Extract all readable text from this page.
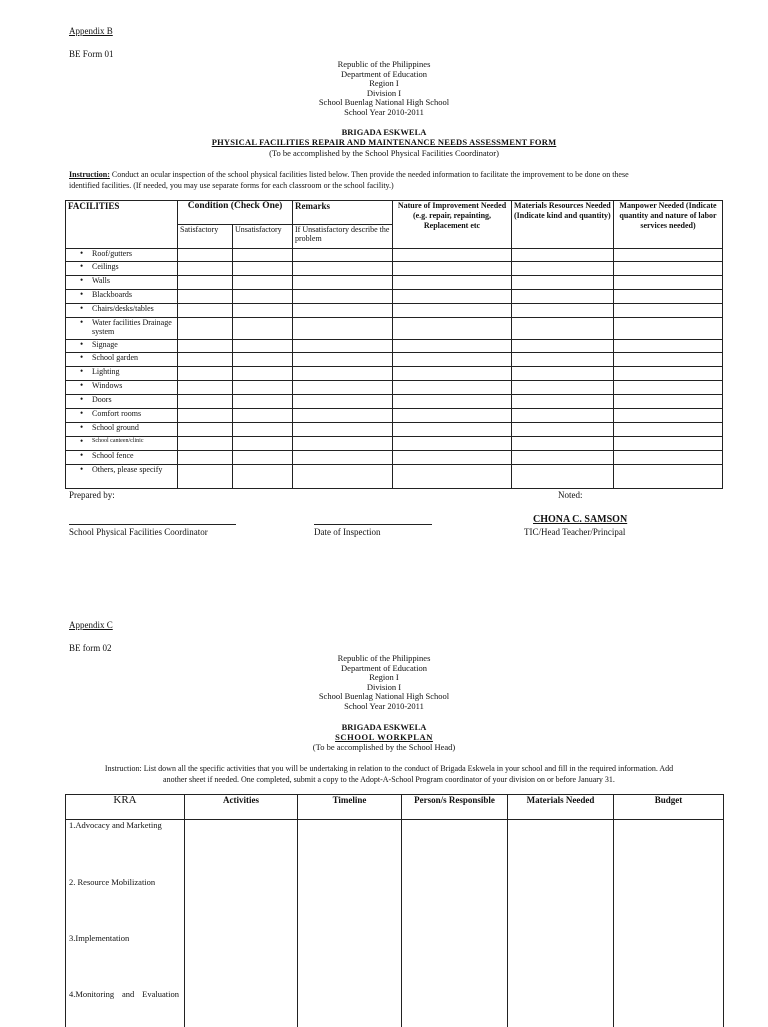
Appendix B
BE Form 01
Republic of the Philippines
Department of Education
Region I
Division I
School Buenlag National High School
School Year 2010-2011
BRIGADA ESKWELA
PHYSICAL FACILITIES REPAIR AND MAINTENANCE NEEDS ASSESSMENT FORM
(To be accomplished by the School Physical Facilities Coordinator)
Instruction: Conduct an ocular inspection of the school physical facilities listed below. Then provide the needed information to facilitate the improvement to be done on these
identified facilities. (If needed, you may use separate forms for each classroom or the school facility.)
FACILITIES	Condition (Check One)		Remarks	Nature of Improvement Needed (e.g. repair, repainting, Replacement etc	Materials Resources Needed (Indicate kind and quantity)	Manpower Needed (Indicate quantity and nature of labor services needed)
	Satisfactory	Unsatisfactory	If Unsatisfactory describe the problem			
• Roof/gutters						
• Ceilings						
• Walls						
• Blackboards						
• Chairs/desks/tables						
• Water facilities Drainage system						
• Signage						
• School garden						
• Lighting						
• Windows						
• Doors						
• Comfort rooms						
• School ground						
• School canteen/clinic						
• School fence						
• Others, please specify						
Prepared by:	Noted:
CHONA C. SAMSON
School Physical Facilities Coordinator	Date of Inspection	TIC/Head Teacher/Principal
Appendix C
BE form 02
Republic of the Philippines
Department of Education
Region I
Division I
School Buenlag National High School
School Year 2010-2011
BRIGADA ESKWELA
SCHOOL WORKPLAN
(To be accomplished by the School Head)
Instruction: List down all the specific activities that you will be undertaking in relation to the conduct of Brigada Eskwela in your school and fill in the required information. Add
another sheet if needed. One completed, submit a copy to the Adopt-A-School Program coordinator of your division on or before January 31.
KRA	Activities	Timeline	Person/s Responsible	Materials Needed	Budget

1.Advocacy and Marketing
2. Resource Mobilization
3.Implementation
4.Monitoring and Evaluation					
